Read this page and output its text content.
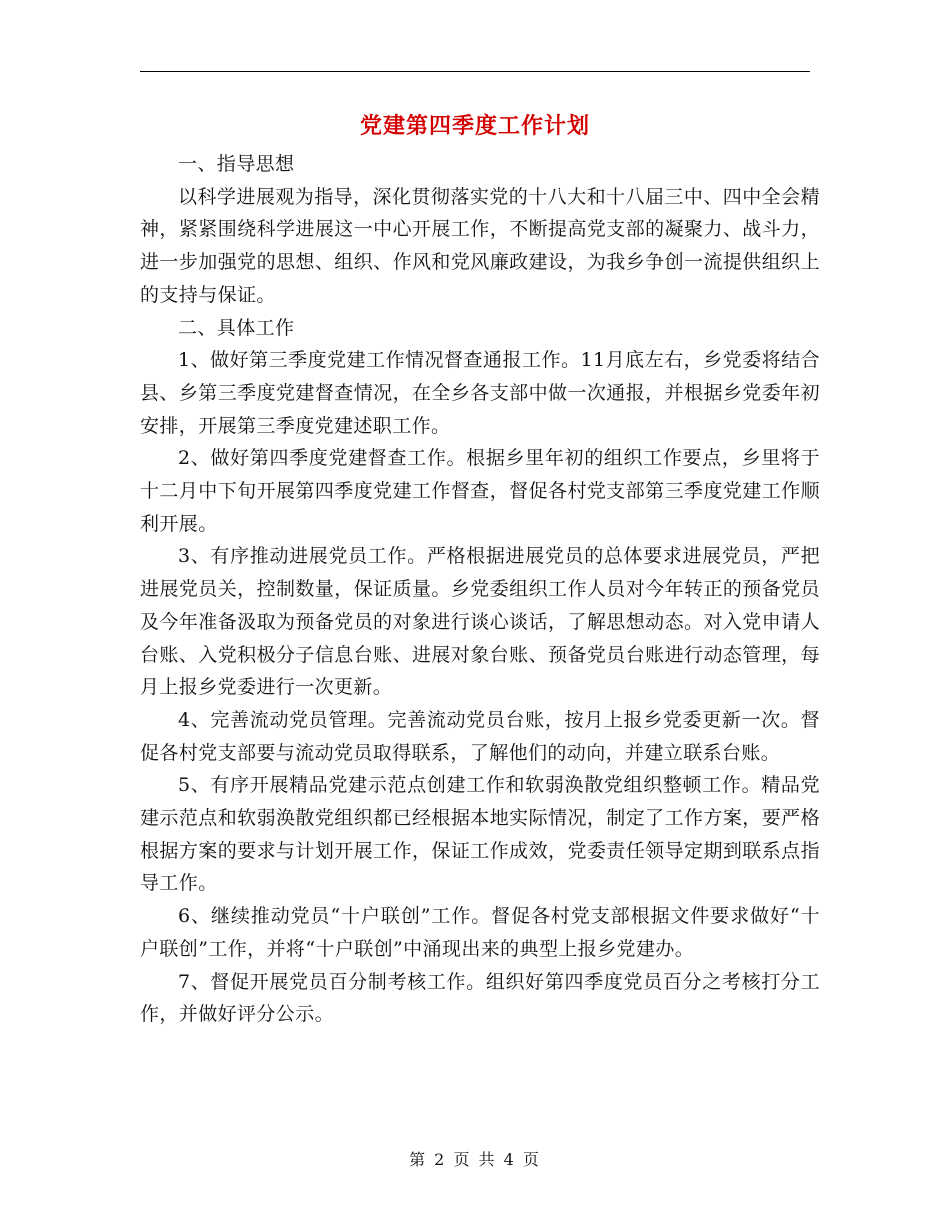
党建第四季度工作计划

一、指导思想

以科学进展观为指导，深化贯彻落实党的十八大和十八届三中、四中全会精神，紧紧围绕科学进展这一中心开展工作，不断提高党支部的凝聚力、战斗力，进一步加强党的思想、组织、作风和党风廉政建设，为我乡争创一流提供组织上的支持与保证。

二、具体工作

1、做好第三季度党建工作情况督查通报工作。11月底左右，乡党委将结合县、乡第三季度党建督查情况，在全乡各支部中做一次通报，并根据乡党委年初安排，开展第三季度党建述职工作。

2、做好第四季度党建督查工作。根据乡里年初的组织工作要点，乡里将于十二月中下旬开展第四季度党建工作督查，督促各村党支部第三季度党建工作顺利开展。

3、有序推动进展党员工作。严格根据进展党员的总体要求进展党员，严把进展党员关，控制数量，保证质量。乡党委组织工作人员对今年转正的预备党员及今年准备汲取为预备党员的对象进行谈心谈话，了解思想动态。对入党申请人台账、入党积极分子信息台账、进展对象台账、预备党员台账进行动态管理，每月上报乡党委进行一次更新。

4、完善流动党员管理。完善流动党员台账，按月上报乡党委更新一次。督促各村党支部要与流动党员取得联系，了解他们的动向，并建立联系台账。

5、有序开展精品党建示范点创建工作和软弱涣散党组织整顿工作。精品党建示范点和软弱涣散党组织都已经根据本地实际情况，制定了工作方案，要严格根据方案的要求与计划开展工作，保证工作成效，党委责任领导定期到联系点指导工作。

6、继续推动党员“十户联创”工作。督促各村党支部根据文件要求做好“十户联创”工作，并将“十户联创”中涌现出来的典型上报乡党建办。

7、督促开展党员百分制考核工作。组织好第四季度党员百分之考核打分工作，并做好评分公示。

第 2 页 共 4 页
